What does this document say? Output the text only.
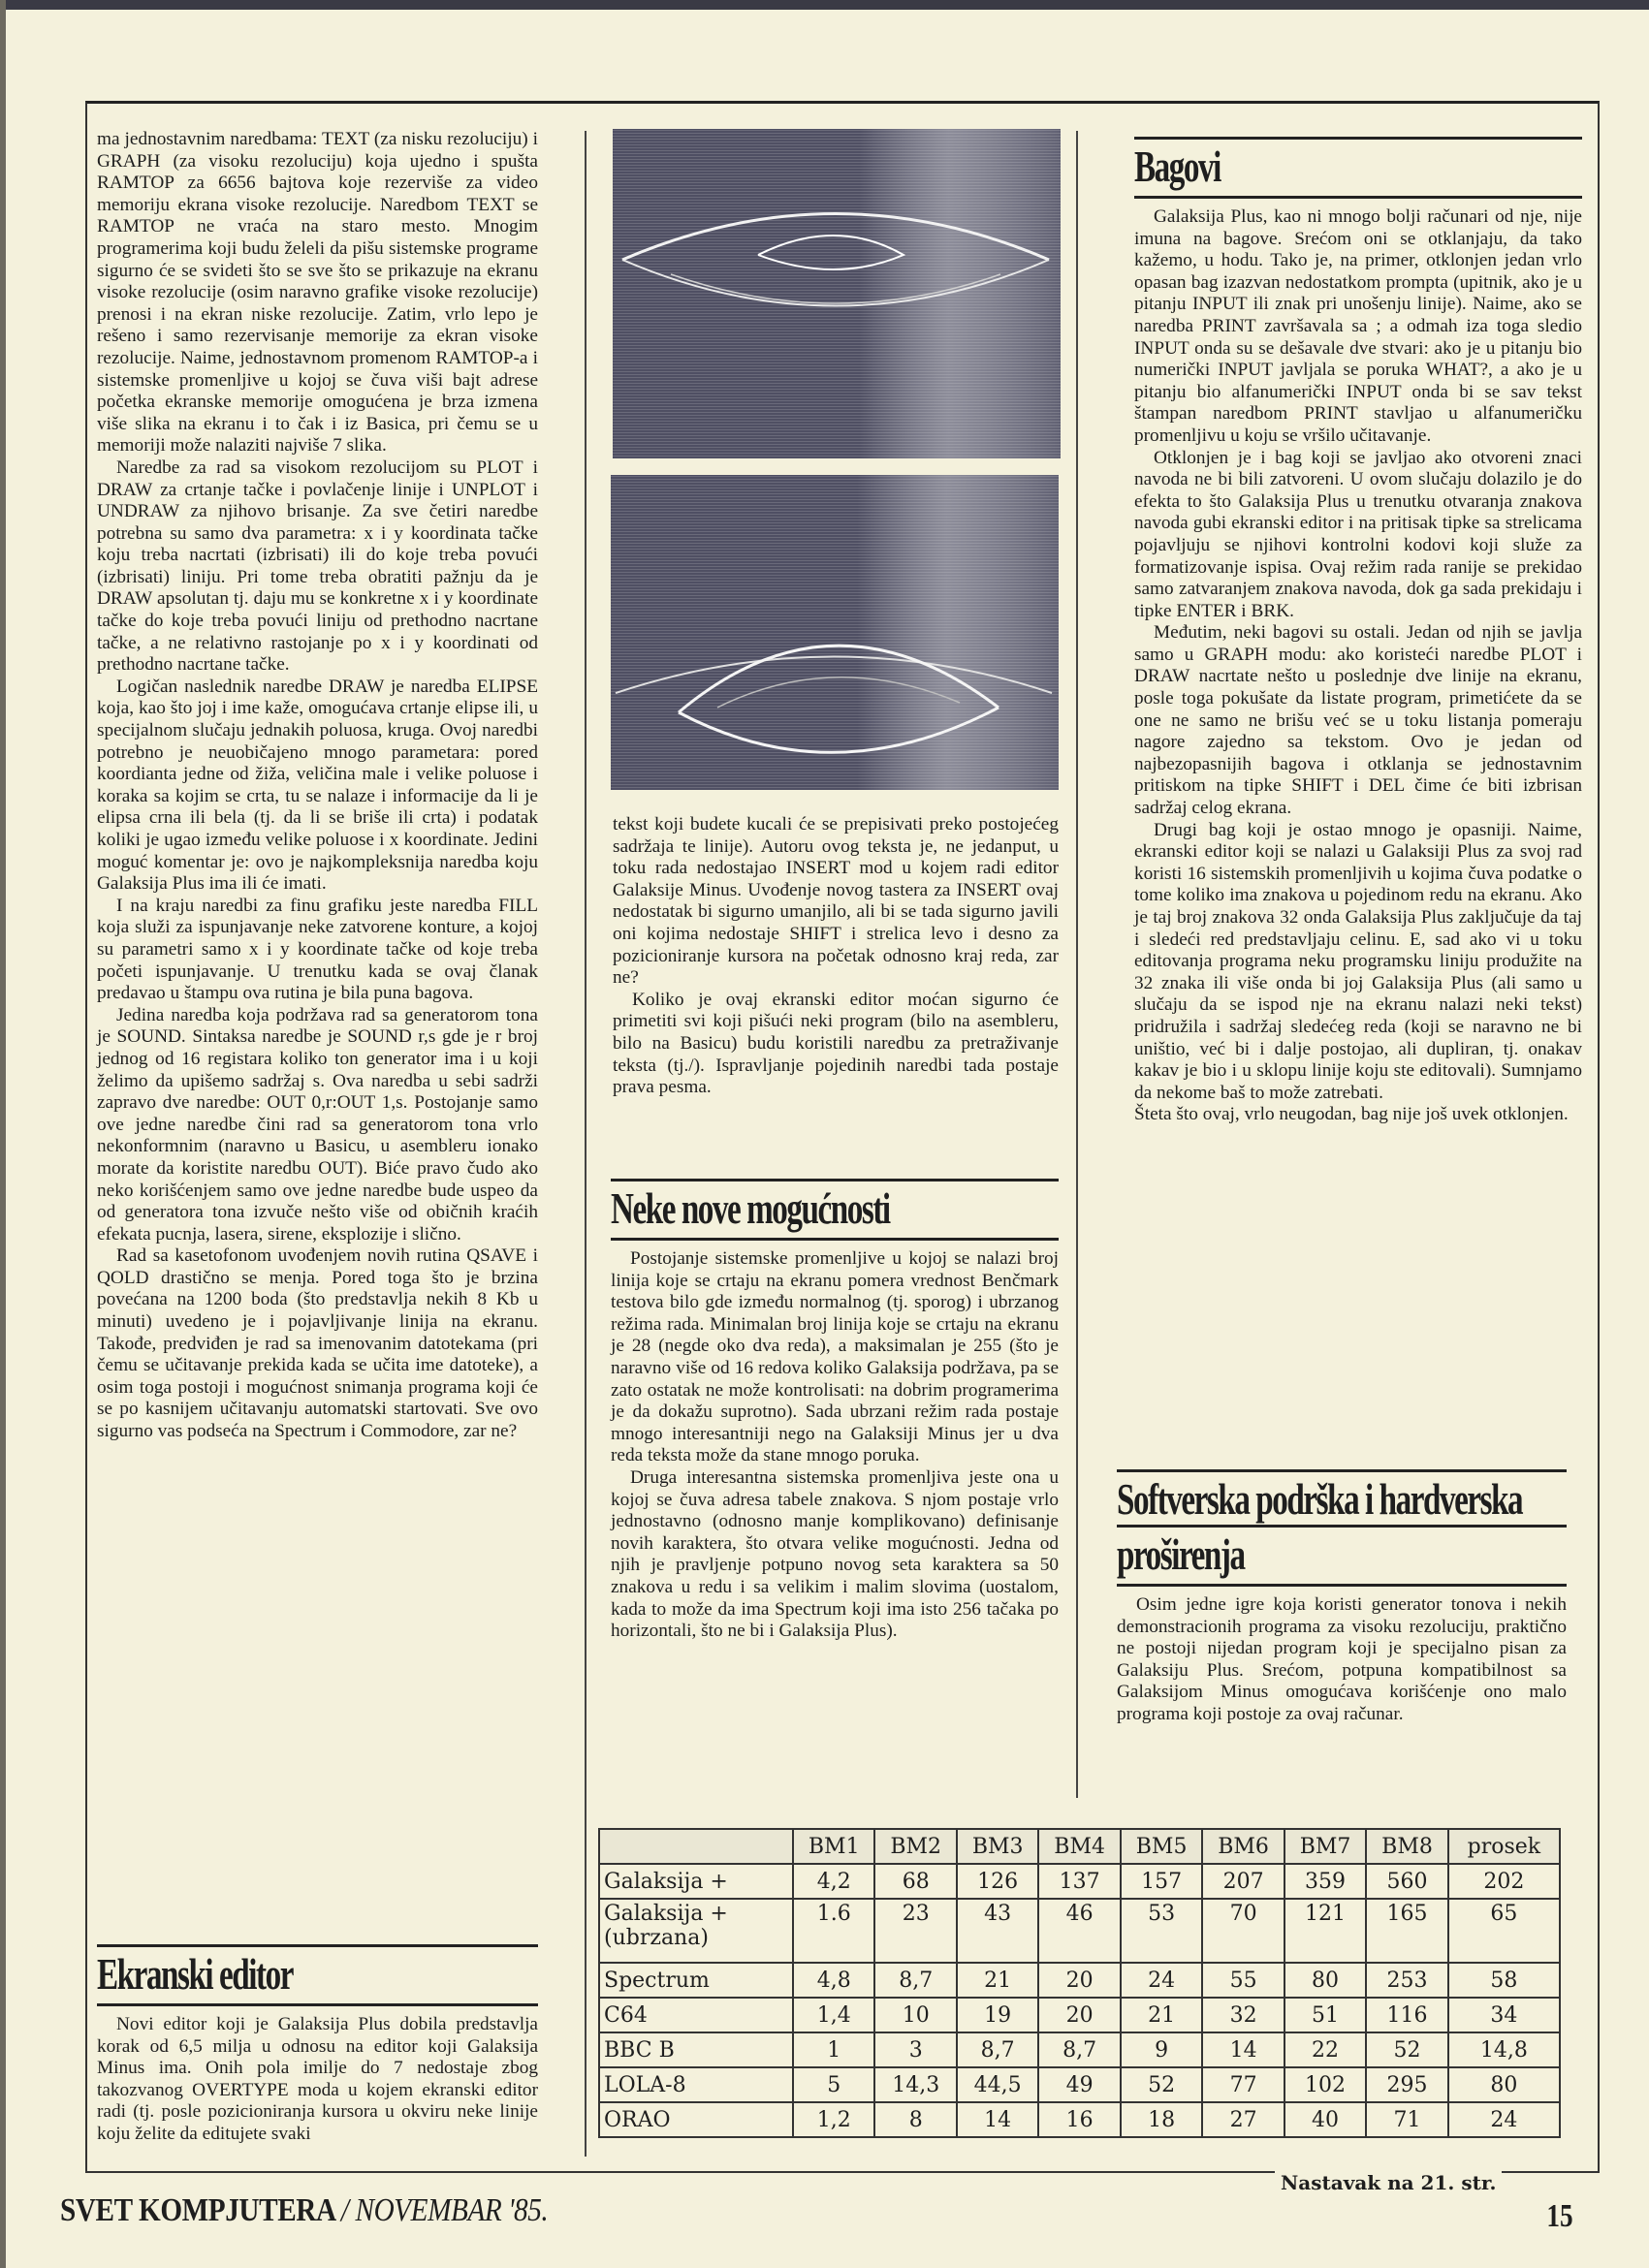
ma jednostavnim naredbama: TEXT (za nisku rezoluciju) i GRAPH (za visoku rezoluciju) koja ujedno i spušta RAMTOP za 6656 bajtova koje rezerviše za video memoriju ekrana visoke rezolucije. Naredbom TEXT se RAMTOP ne vraća na staro mesto. Mnogim programerima koji budu želeli da pišu sistemske programe sigurno će se svideti što se sve što se prikazuje na ekranu visoke rezolucije (osim naravno grafike visoke rezolucije) prenosi i na ekran niske rezolucije. Zatim, vrlo lepo je rešeno i samo rezervisanje memorije za ekran visoke rezolucije. Naime, jednostavnom promenom RAMTOP-a i sistemske promenljive u kojoj se čuva viši bajt adrese početka ekranske memorije omogućena je brza izmena više slika na ekranu i to čak i iz Basica, pri čemu se u memoriji može nalaziti najviše 7 slika.

Naredbe za rad sa visokom rezolucijom su PLOT i DRAW za crtanje tačke i povlačenje linije i UNPLOT i UNDRAW za njihovo brisanje. Za sve četiri naredbe potrebna su samo dva parametra: x i y koordinata tačke koju treba nacrtati (izbrisati) ili do koje treba povući (izbrisati) liniju. Pri tome treba obratiti pažnju da je DRAW apsolutan tj. daju mu se konkretne x i y koordinate tačke do koje treba povući liniju od prethodno nacrtane tačke, a ne relativno rastojanje po x i y koordinati od prethodno nacrtane tačke.

Logičan naslednik naredbe DRAW je naredba ELIPSE koja, kao što joj i ime kaže, omogućava crtanje elipse ili, u specijalnom slučaju jednakih poluosa, kruga. Ovoj naredbi potrebno je neuobičajeno mnogo parametara: pored koordianta jedne od žiža, veličina male i velike poluose i koraka sa kojim se crta, tu se nalaze i informacije da li je elipsa crna ili bela (tj. da li se briše ili crta) i podatak koliki je ugao između velike poluose i x koordinate. Jedini moguć komentar je: ovo je najkompleksnija naredba koju Galaksija Plus ima ili će imati.

I na kraju naredbi za finu grafiku jeste naredba FILL koja služi za ispunjavanje neke zatvorene konture, a kojoj su parametri samo x i y koordinate tačke od koje treba početi ispunjavanje. U trenutku kada se ovaj članak predavao u štampu ova rutina je bila puna bagova.

Jedina naredba koja podržava rad sa generatorom tona je SOUND. Sintaksa naredbe je SOUND r,s gde je r broj jednog od 16 registara koliko ton generator ima i u koji želimo da upišemo sadržaj s. Ova naredba u sebi sadrži zapravo dve naredbe: OUT 0,r:OUT 1,s. Postojanje samo ove jedne naredbe čini rad sa generatorom tona vrlo nekonformnim (naravno u Basicu, u asembleru ionako morate da koristite naredbu OUT). Biće pravo čudo ako neko korišćenjem samo ove jedne naredbe bude uspeo da od generatora tona izvuče nešto više od običnih kraćih efekata pucnja, lasera, sirene, eksplozije i slično.

Rad sa kasetofonom uvođenjem novih rutina QSAVE i QOLD drastično se menja. Pored toga što je brzina povećana na 1200 boda (što predstavlja nekih 8 Kb u minuti) uvedeno je i pojavljivanje linija na ekranu. Takođe, predviđen je rad sa imenovanim datotekama (pri čemu se učitavanje prekida kada se učita ime datoteke), a osim toga postoji i mogućnost snimanja programa koji će se po kasnijem učitavanju automatski startovati. Sve ovo sigurno vas podseća na Spectrum i Commodore, zar ne?

Ekranski editor

Novi editor koji je Galaksija Plus dobila predstavlja korak od 6,5 milja u odnosu na editor koji Galaksija Minus ima. Onih pola imilje do 7 nedostaje zbog takozvanog OVERTYPE moda u kojem ekranski editor radi (tj. posle pozicioniranja kursora u okviru neke linije koju želite da editujete svaki

tekst koji budete kucali će se prepisivati preko postojećeg sadržaja te linije). Autoru ovog teksta je, ne jedanput, u toku rada nedostajao INSERT mod u kojem radi editor Galaksije Minus. Uvođenje novog tastera za INSERT ovaj nedostatak bi sigurno umanjilo, ali bi se tada sigurno javili oni kojima nedostaje SHIFT i strelica levo i desno za pozicioniranje kursora na početak odnosno kraj reda, zar ne?

Koliko je ovaj ekranski editor moćan sigurno će primetiti svi koji pišući neki program (bilo na asembleru, bilo na Basicu) budu koristili naredbu za pretraživanje teksta (tj./). Ispravljanje pojedinih naredbi tada postaje prava pesma.

Neke nove mogućnosti

Postojanje sistemske promenljive u kojoj se nalazi broj linija koje se crtaju na ekranu pomera vrednost Benčmark testova bilo gde između normalnog (tj. sporog) i ubrzanog režima rada. Minimalan broj linija koje se crtaju na ekranu je 28 (negde oko dva reda), a maksimalan je 255 (što je naravno više od 16 redova koliko Galaksija podržava, pa se zato ostatak ne može kontrolisati: na dobrim programerima je da dokažu suprotno). Sada ubrzani režim rada postaje mnogo interesantniji nego na Galaksiji Minus jer u dva reda teksta može da stane mnogo poruka.

Druga interesantna sistemska promenljiva jeste ona u kojoj se čuva adresa tabele znakova. S njom postaje vrlo jednostavno (odnosno manje komplikovano) definisanje novih karaktera, što otvara velike mogućnosti. Jedna od njih je pravljenje potpuno novog seta karaktera sa 50 znakova u redu i sa velikim i malim slovima (uostalom, kada to može da ima Spectrum koji ima isto 256 tačaka po horizontali, što ne bi i Galaksija Plus).

Bagovi

Galaksija Plus, kao ni mnogo bolji računari od nje, nije imuna na bagove. Srećom oni se otklanjaju, da tako kažemo, u hodu. Tako je, na primer, otklonjen jedan vrlo opasan bag izazvan nedostatkom prompta (upitnik, ako je u pitanju INPUT ili znak pri unošenju linije). Naime, ako se naredba PRINT završavala sa ; a odmah iza toga sledio INPUT onda su se dešavale dve stvari: ako je u pitanju bio numerički INPUT javljala se poruka WHAT?, a ako je u pitanju bio alfanumerički INPUT onda bi se sav tekst štampan naredbom PRINT stavljao u alfanumeričku promenljivu u koju se vršilo učitavanje.

Otklonjen je i bag koji se javljao ako otvoreni znaci navoda ne bi bili zatvoreni. U ovom slučaju dolazilo je do efekta to što Galaksija Plus u trenutku otvaranja znakova navoda gubi ekranski editor i na pritisak tipke sa strelicama pojavljuju se njihovi kontrolni kodovi koji služe za formatizovanje ispisa. Ovaj režim rada ranije se prekidao samo zatvaranjem znakova navoda, dok ga sada prekidaju i tipke ENTER i BRK.

Međutim, neki bagovi su ostali. Jedan od njih se javlja samo u GRAPH modu: ako koristeći naredbe PLOT i DRAW nacrtate nešto u poslednje dve linije na ekranu, posle toga pokušate da listate program, primetićete da se one ne samo ne brišu već se u toku listanja pomeraju nagore zajedno sa tekstom. Ovo je jedan od najbezopasnijih bagova i otklanja se jednostavnim pritiskom na tipke SHIFT i DEL čime će biti izbrisan sadržaj celog ekrana.

Drugi bag koji je ostao mnogo je opasniji. Naime, ekranski editor koji se nalazi u Galaksiji Plus za svoj rad koristi 16 sistemskih promenljivih u kojima čuva podatke o tome koliko ima znakova u pojedinom redu na ekranu. Ako je taj broj znakova 32 onda Galaksija Plus zaključuje da taj i sledeći red predstavljaju celinu. E, sad ako vi u toku editovanja programa neku programsku liniju produžite na 32 znaka ili više onda bi joj Galaksija Plus (ali samo u slučaju da se ispod nje na ekranu nalazi neki tekst) pridružila i sadržaj sledećeg reda (koji se naravno ne bi uništio, već bi i dalje postojao, ali dupliran, tj. onakav kakav je bio i u sklopu linije koju ste editovali). Sumnjamo da nekome baš to može zatrebati.

Šteta što ovaj, vrlo neugodan, bag nije još uvek otklonjen.

Softverska podrška i hardverska
proširenja

Osim jedne igre koja koristi generator tonova i nekih demonstracionih programa za visoku rezoluciju, praktično ne postoji nijedan program koji je specijalno pisan za Galaksiju Plus. Srećom, potpuna kompatibilnost sa Galaksijom Minus omogućava korišćenje ono malo programa koji postoje za ovaj računar.

	BM1	BM2	BM3	BM4	BM5	BM6	BM7	BM8	prosek

Galaksija +	4,2	68	126	137	157	207	359	560	202

Galaksija +
(ubrzana)	1.6	23	43	46	53	70	121	165	65

Spectrum	4,8	8,7	21	20	24	55	80	253	58

C64	1,4	10	19	20	21	32	51	116	34

BBC B	1	3	8,7	8,7	9	14	22	52	14,8

LOLA-8	5	14,3	44,5	49	52	77	102	295	80

ORAO	1,2	8	14	16	18	27	40	71	24
Nastavak na 21. str.
SVET KOMPJUTERA / NOVEMBAR '85.	15
